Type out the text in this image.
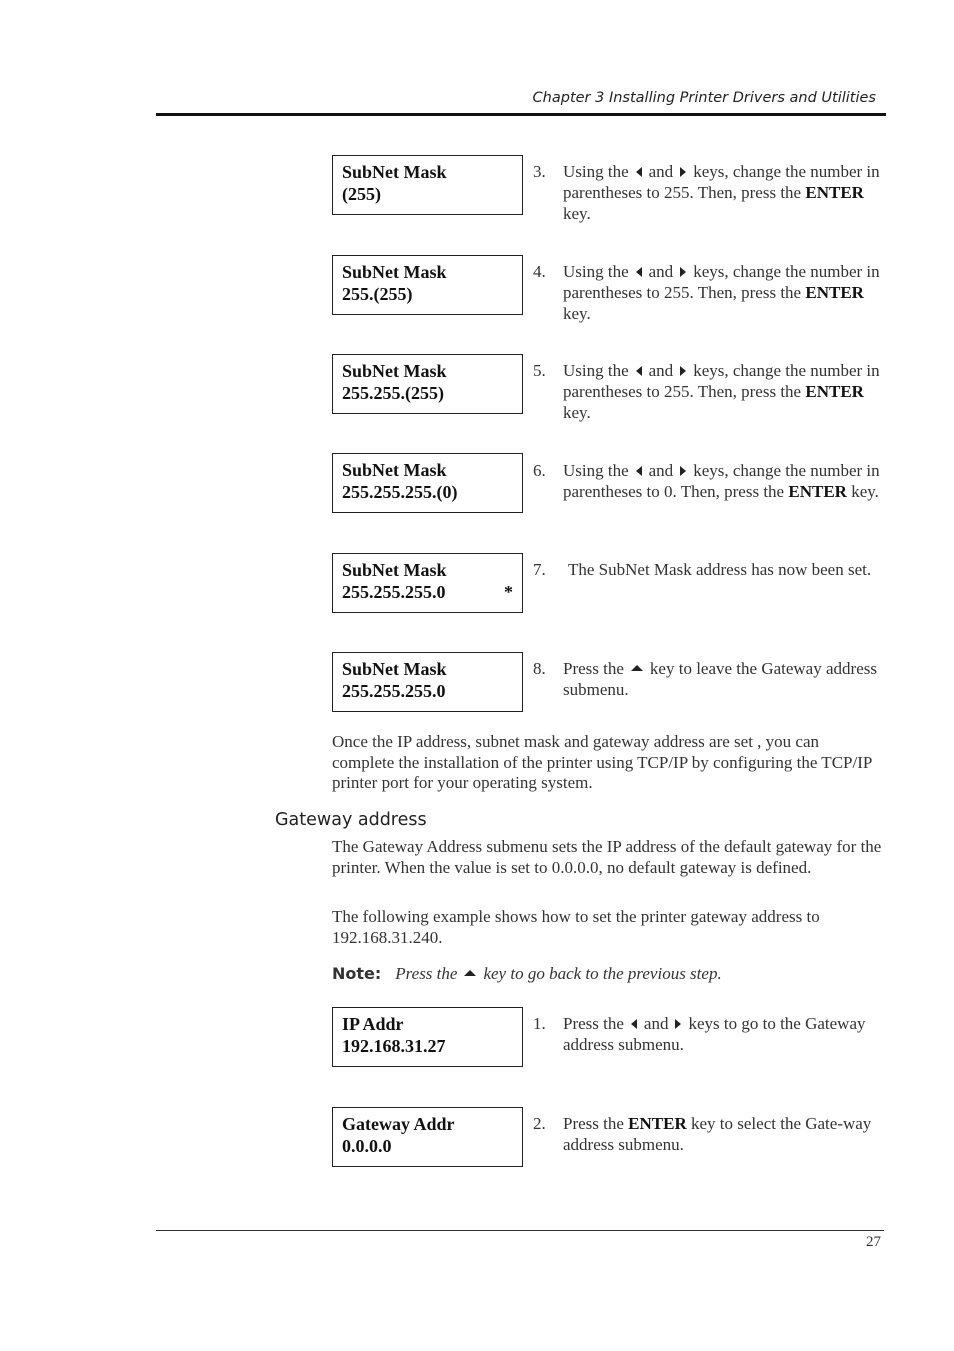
Chapter 3 Installing Printer Drivers and Utilities
SubNet Mask
(255)
3. Using the and keys, change the number in parentheses to 255. Then, press the ENTER key.
SubNet Mask
255.(255)
4. Using the and keys, change the number in parentheses to 255. Then, press the ENTER key.
SubNet Mask
255.255.(255)
5. Using the and keys, change the number in parentheses to 255. Then, press the ENTER key.
SubNet Mask
255.255.255.(0)
6. Using the and keys, change the number in parentheses to 0. Then, press the ENTER key.
SubNet Mask
255.255.255.0	*
7. The SubNet Mask address has now been set.
SubNet Mask
255.255.255.0
8. Press the key to leave the Gateway address submenu.
Once the IP address, subnet mask and gateway address are set , you can complete the installation of the printer using TCP/IP by configuring the TCP/IP printer port for your operating system.
Gateway address
The Gateway Address submenu sets the IP address of the default gateway for the printer. When the value is set to 0.0.0.0, no default gateway is defined.
The following example shows how to set the printer gateway address to 192.168.31.240.
Note: Press the key to go back to the previous step.
IP Addr
192.168.31.27
1. Press the and keys to go to the Gateway address submenu.
Gateway Addr
0.0.0.0
2. Press the ENTER key to select the Gate-way address submenu.
27
